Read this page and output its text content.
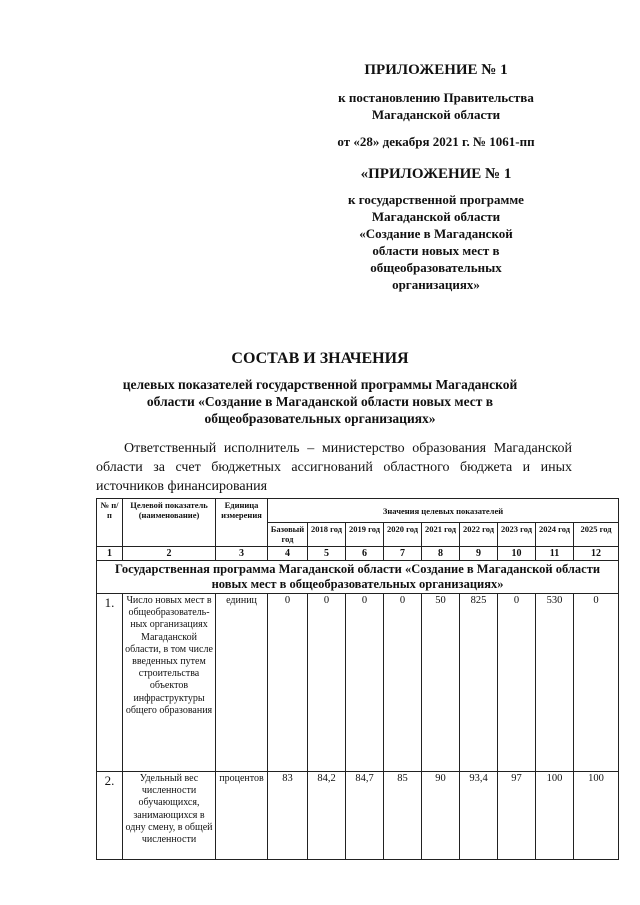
ПРИЛОЖЕНИЕ № 1
к постановлению Правительства
Магаданской области
от «28» декабря 2021 г. № 1061-пп
«ПРИЛОЖЕНИЕ № 1
к государственной программе
Магаданской области
«Создание в Магаданской
области новых мест в
общеобразовательных
организациях»
СОСТАВ И ЗНАЧЕНИЯ
целевых показателей государственной программы Магаданской
области «Создание в Магаданской области новых мест в
общеобразовательных организациях»
Ответственный исполнитель – министерство образования Магаданской области за счет бюджетных ассигнований областного бюджета и иных источников финансирования
№ п/п	Целевой показатель (наименование)	Единица измерения	Значения целевых показателей								
			Базовый год	2018 год	2019 год	2020 год	2021 год	2022 год	2023 год	2024 год	2025 год
1	2	3	4	5	6	7	8	9	10	11	12
Государственная программа Магаданской области «Создание в Магаданской области новых мест в общеобразовательных организациях»											
1.	Число новых мест в общеобразователь-ных организациях Магаданской области, в том числе введенных путем строительства объектов инфраструктуры общего образования	единиц	0	0	0	0	50	825	0	530	0
2.	Удельный вес численности обучающихся, занимающихся в одну смену, в общей численности	процентов	83	84,2	84,7	85	90	93,4	97	100	100
